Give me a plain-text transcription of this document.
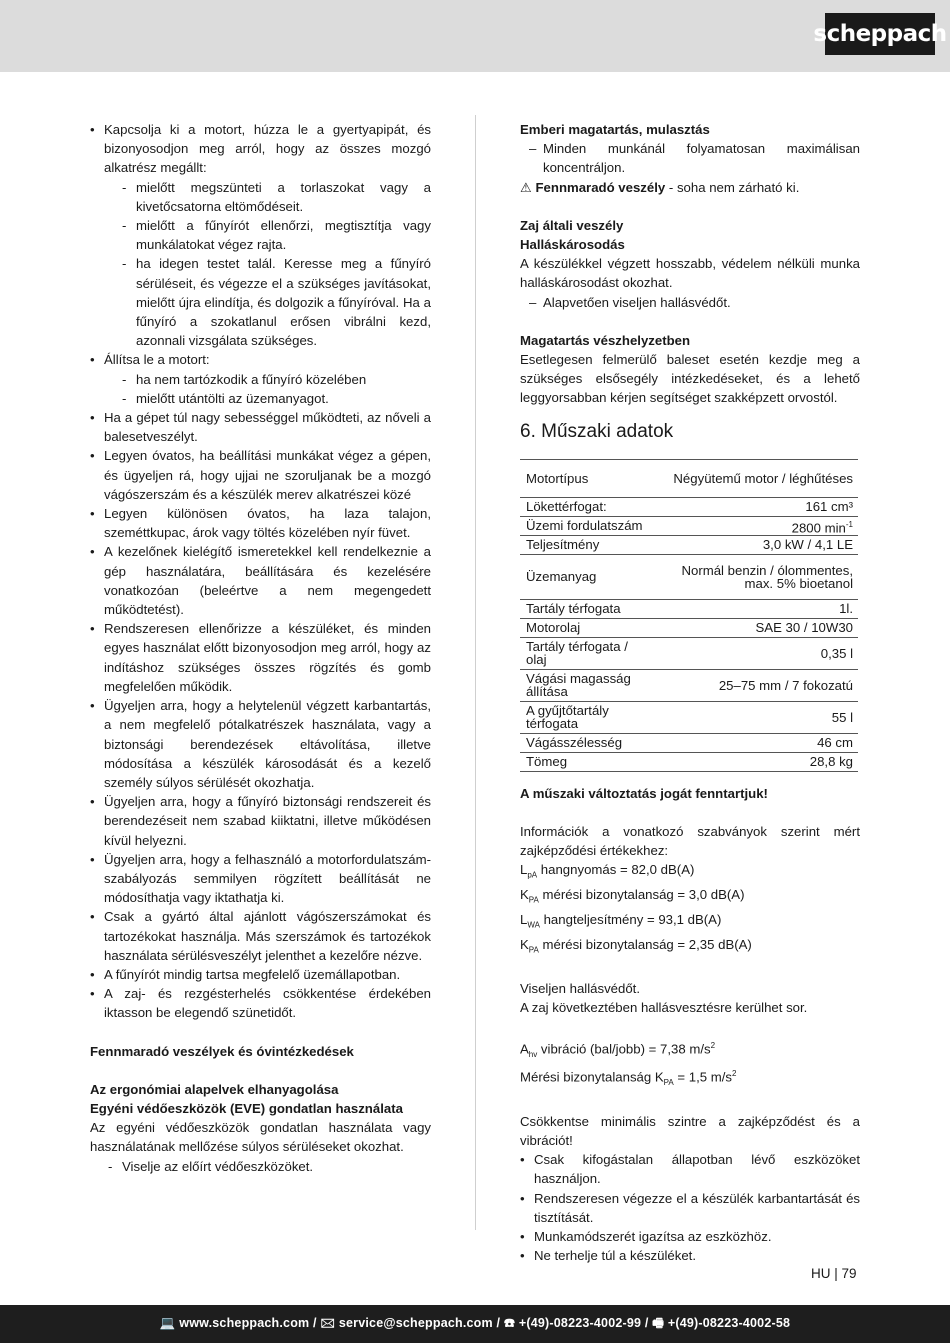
scheppach
• Kapcsolja ki a motort, húzza le a gyertyapipát, és bizonyosodjon meg arról, hogy az összes mozgó alkatrész megállt:
- mielőtt megszünteti a torlaszokat vagy a kivetőcsatorna eltömődéseit.
- mielőtt a fűnyírót ellenőrzi, megtisztítja vagy munkálatokat végez rajta.
- ha idegen testet talál. Keresse meg a fűnyíró sérüléseit, és végezze el a szükséges javításokat, mielőtt újra elindítja, és dolgozik a fűnyíróval. Ha a fűnyíró a szokatlanul erősen vibrálni kezd, azonnali vizsgálata szükséges.
• Állítsa le a motort:
- ha nem tartózkodik a fűnyíró közelében
- mielőtt utántölti az üzemanyagot.
• Ha a gépet túl nagy sebességgel működteti, az nőveli a balesetveszélyt.
• Legyen óvatos, ha beállítási munkákat végez a gépen, és ügyeljen rá, hogy ujjai ne szoruljanak be a mozgó vágószerszám és a készülék merev alkatrészei közé
• Legyen különösen óvatos, ha laza talajon, szeméttkupac, árok vagy töltés közelében nyír füvet.
• A kezelőnek kielégítő ismeretekkel kell rendelkeznie a gép használatára, beállítására és kezelésére vonatkozóan (beleértve a nem megengedett működtetést).
• Rendszeresen ellenőrizze a készüléket, és minden egyes használat előtt bizonyosodjon meg arról, hogy az indításhoz szükséges összes rögzítés és gomb megfelelően működik.
• Ügyeljen arra, hogy a helytelenül végzett karbantartás, a nem megfelelő pótalkatrészek használata, vagy a biztonsági berendezések eltávolítása, illetve módosítása a készülék károsodását és a kezelő személy súlyos sérülését okozhatja.
• Ügyeljen arra, hogy a fűnyíró biztonsági rendszereit és berendezéseit nem szabad kiiktatni, illetve működésen kívül helyezni.
• Ügyeljen arra, hogy a felhasználó a motorfordulatszám-szabályozás semmilyen rögzített beállítását ne módosíthatja vagy iktathatja ki.
• Csak a gyártó által ajánlott vágószerszámokat és tartozékokat használja. Más szerszámok és tartozékok használata sérülésveszélyt jelenthet a kezelőre nézve.
• A fűnyírót mindig tartsa megfelelő üzemállapotban.
• A zaj- és rezgésterhelés csökkentése érdekében iktasson be elegendő szünetidőt.

Fennmaradó veszélyek és óvintézkedések

Az ergonómiai alapelvek elhanyagolása

Egyéni védőeszközök (EVE) gondatlan használata

Az egyéni védőeszközök gondatlan használata vagy használatának mellőzése súlyos sérüléseket okozhat.

- Viselje az előírt védőeszközöket.

Emberi magatartás, mulasztás

– Minden munkánál folyamatosan maximálisan koncentráljon.

⚠ Fennmaradó veszély - soha nem zárható ki.

Zaj általi veszély

Halláskárosodás

A készülékkel végzett hosszabb, védelem nélküli munka halláskárosodást okozhat.

– Alapvetően viseljen hallásvédőt.

Magatartás vészhelyzetben

Esetlegesen felmerülő baleset esetén kezdje meg a szükséges elsősegély intézkedéseket, és a lehető leggyorsabban kérjen segítséget szakképzett orvostól.

6. Műszaki adatok
Motortípus	Négyütemű motor / léghűtéses
Lökettérfogat:	161 cm³
Üzemi fordulatszám	2800 $\min^{-1}$
Teljesítmény	3,0 kW / 4,1 LE
Üzemanyag	Normál benzin / ólommentes, max. 5% bioetanol
Tartály térfogata	1l.
Motorolaj	SAE 30 / 10W30
Tartály térfogata / olaj	0,35 l
Vágási magasság állítása	25–75 mm / 7 fokozatú
A gyűjtőtartály térfogata	55 l
Vágásszélesség	46 cm
Tömeg	28,8 kg

A műszaki változtatás jogát fenntartjuk!

Információk a vonatkozó szabványok szerint mért zajképződési értékekhez:

$L_{pA}$ hangnyomás = 82,0 dB(A)

$K_{PA}$ mérési bizonytalanság = 3,0 dB(A)

$L_{WA}$ hangteljesítmény = 93,1 dB(A)

$K_{PA}$ mérési bizonytalanság = 2,35 dB(A)

Viseljen hallásvédőt.

A zaj következtében hallásvesztésre kerülhet sor.

$A_{hv}$ vibráció (bal/jobb) = 7,38 $m/s^2$

Mérési bizonytalanság $K_{PA} = 1,5$ $m/s^2$

Csökkentse minimális szintre a zajképződést és a vibrációt!

• Csak kifogástalan állapotban lévő eszközöket használjon.
• Rendszeresen végezze el a készülék karbantartását és tisztítását.
• Munkamódszerét igazítsa az eszközhöz.
• Ne terhelje túl a készüléket.
HU | 79
💻 www.scheppach.com / 🖂 service@scheppach.com / ☎ +(49)-08223-4002-99 / 🖷 +(49)-08223-4002-58
